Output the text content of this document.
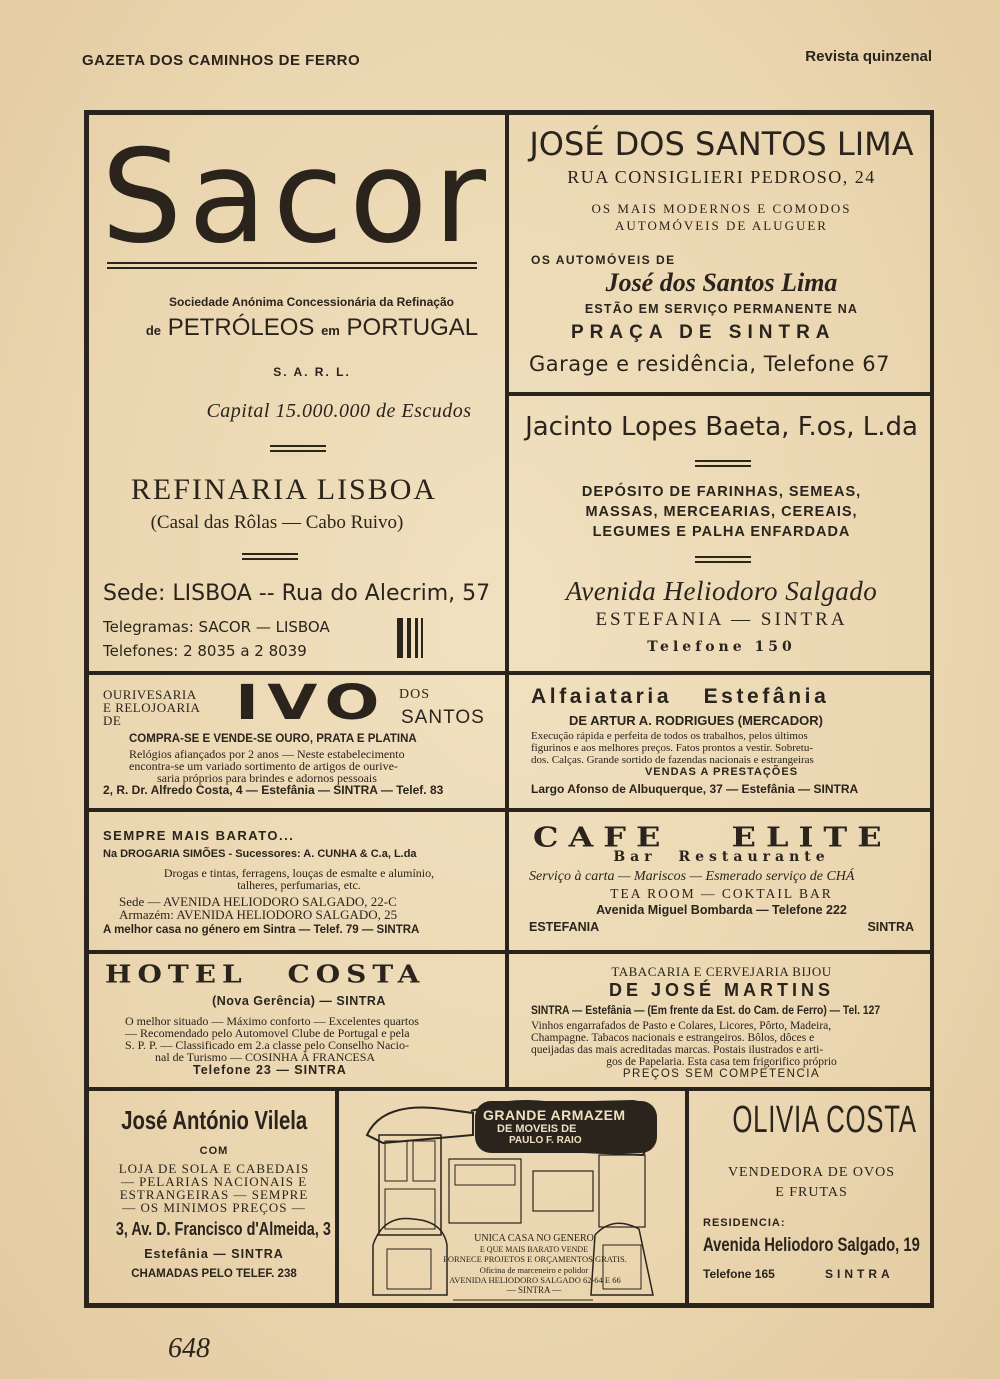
GAZETA DOS CAMINHOS DE FERRO	Revista quinzenal
Sacor
Sociedade Anónima Concessionária da Refinação
de PETRÓLEOS em PORTUGAL
S. A. R. L.
Capital 15.000.000 de Escudos
REFINARIA LISBOA
(Casal das Rôlas — Cabo Ruivo)
Sede: LISBOA -- Rua do Alecrim, 57
Telegramas: SACOR — LISBOA
Telefones: 2 8035 a 2 8039
JOSÉ DOS SANTOS LIMA
RUA CONSIGLIERI PEDROSO, 24
OS MAIS MODERNOS E COMODOS
AUTOMÓVEIS DE ALUGUER
OS AUTOMÓVEIS DE
José dos Santos Lima
ESTÃO EM SERVIÇO PERMANENTE NA
PRAÇA DE SINTRA
Garage e residência, Telefone 67
Jacinto Lopes Baeta, F.os, L.da
DEPÓSITO DE FARINHAS, SEMEAS,
MASSAS, MERCEARIAS, CEREAIS,
LEGUMES E PALHA ENFARDADA
Avenida Heliodoro Salgado
ESTEFANIA — SINTRA
Telefone 150
OURIVESARIA
E RELOJOARIA
DE IVO DOS
SANTOS
COMPRA-SE E VENDE-SE OURO, PRATA E PLATINA
Relógios afiançados por 2 anos — Neste estabelecimento
encontra-se um variado sortimento de artigos de ourive-
saria próprios para brindes e adornos pessoais
2, R. Dr. Alfredo Costa, 4 — Estefânia — SINTRA — Telef. 83
Alfaiataria Estefânia
DE ARTUR A. RODRIGUES (MERCADOR)
Execução rápida e perfeita de todos os trabalhos, pelos últimos
figurinos e aos melhores preços. Fatos prontos a vestir. Sobretu-
dos. Calças. Grande sortido de fazendas nacionais e estrangeiras
VENDAS A PRESTAÇÕES
Largo Afonso de Albuquerque, 37 — Estefânia — SINTRA
SEMPRE MAIS BARATO...
Na DROGARIA SIMÕES - Sucessores: A. CUNHA & C.a, L.da
Drogas e tintas, ferragens, louças de esmalte e alumínio,
talheres, perfumarias, etc.
Sede — AVENIDA HELIODORO SALGADO, 22-C
Armazém: AVENIDA HELIODORO SALGADO, 25
A melhor casa no género em Sintra — Telef. 79 — SINTRA
CAFE ELITE
Bar Restaurante
Serviço à carta — Mariscos — Esmerado serviço de CHÁ
TEA ROOM — COKTAIL BAR
Avenida Miguel Bombarda — Telefone 222
ESTEFANIA	SINTRA
HOTEL COSTA
(Nova Gerência) — SINTRA
O melhor situado — Máximo conforto — Excelentes quartos
— Recomendado pelo Automovel Clube de Portugal e pela
S. P. P. — Classificado em 2.a classe pelo Conselho Nacio-
nal de Turismo — COSINHA À FRANCESA
Telefone 23 — SINTRA
TABACARIA E CERVEJARIA BIJOU
DE JOSÉ MARTINS
SINTRA — Estefânia — (Em frente da Est. do Cam. de Ferro) — Tel. 127
Vinhos engarrafados de Pasto e Colares, Licores, Pôrto, Madeira,
Champagne. Tabacos nacionais e estrangeiros. Bôlos, dôces e
queijadas das mais acreditadas marcas. Postais ilustrados e arti-
gos de Papelaria. Esta casa tem frigorifico próprio
PREÇOS SEM COMPETENCIA
José António Vilela
COM
LOJA DE SOLA E CABEDAIS
— PELARIAS NACIONAIS E
ESTRANGEIRAS — SEMPRE
— OS MINIMOS PREÇOS —
3, Av. D. Francisco d'Almeida, 3
Estefânia — SINTRA
CHAMADAS PELO TELEF. 238
GRANDE ARMAZEM
DE MOVEIS DE
PAULO F. RAIO
UNICA CASA NO GENERO
E QUE MAIS BARATO VENDE
FORNECE PROJETOS E ORÇAMENTOS GRATIS.
Oficina de marceneiro e polidor
AVENIDA HELIODORO SALGADO 62-64 E 66
— SINTRA —
OLIVIA COSTA
VENDEDORA DE OVOS
E FRUTAS
RESIDENCIA:
Avenida Heliodoro Salgado, 19
Telefone 165	SINTRA
648
